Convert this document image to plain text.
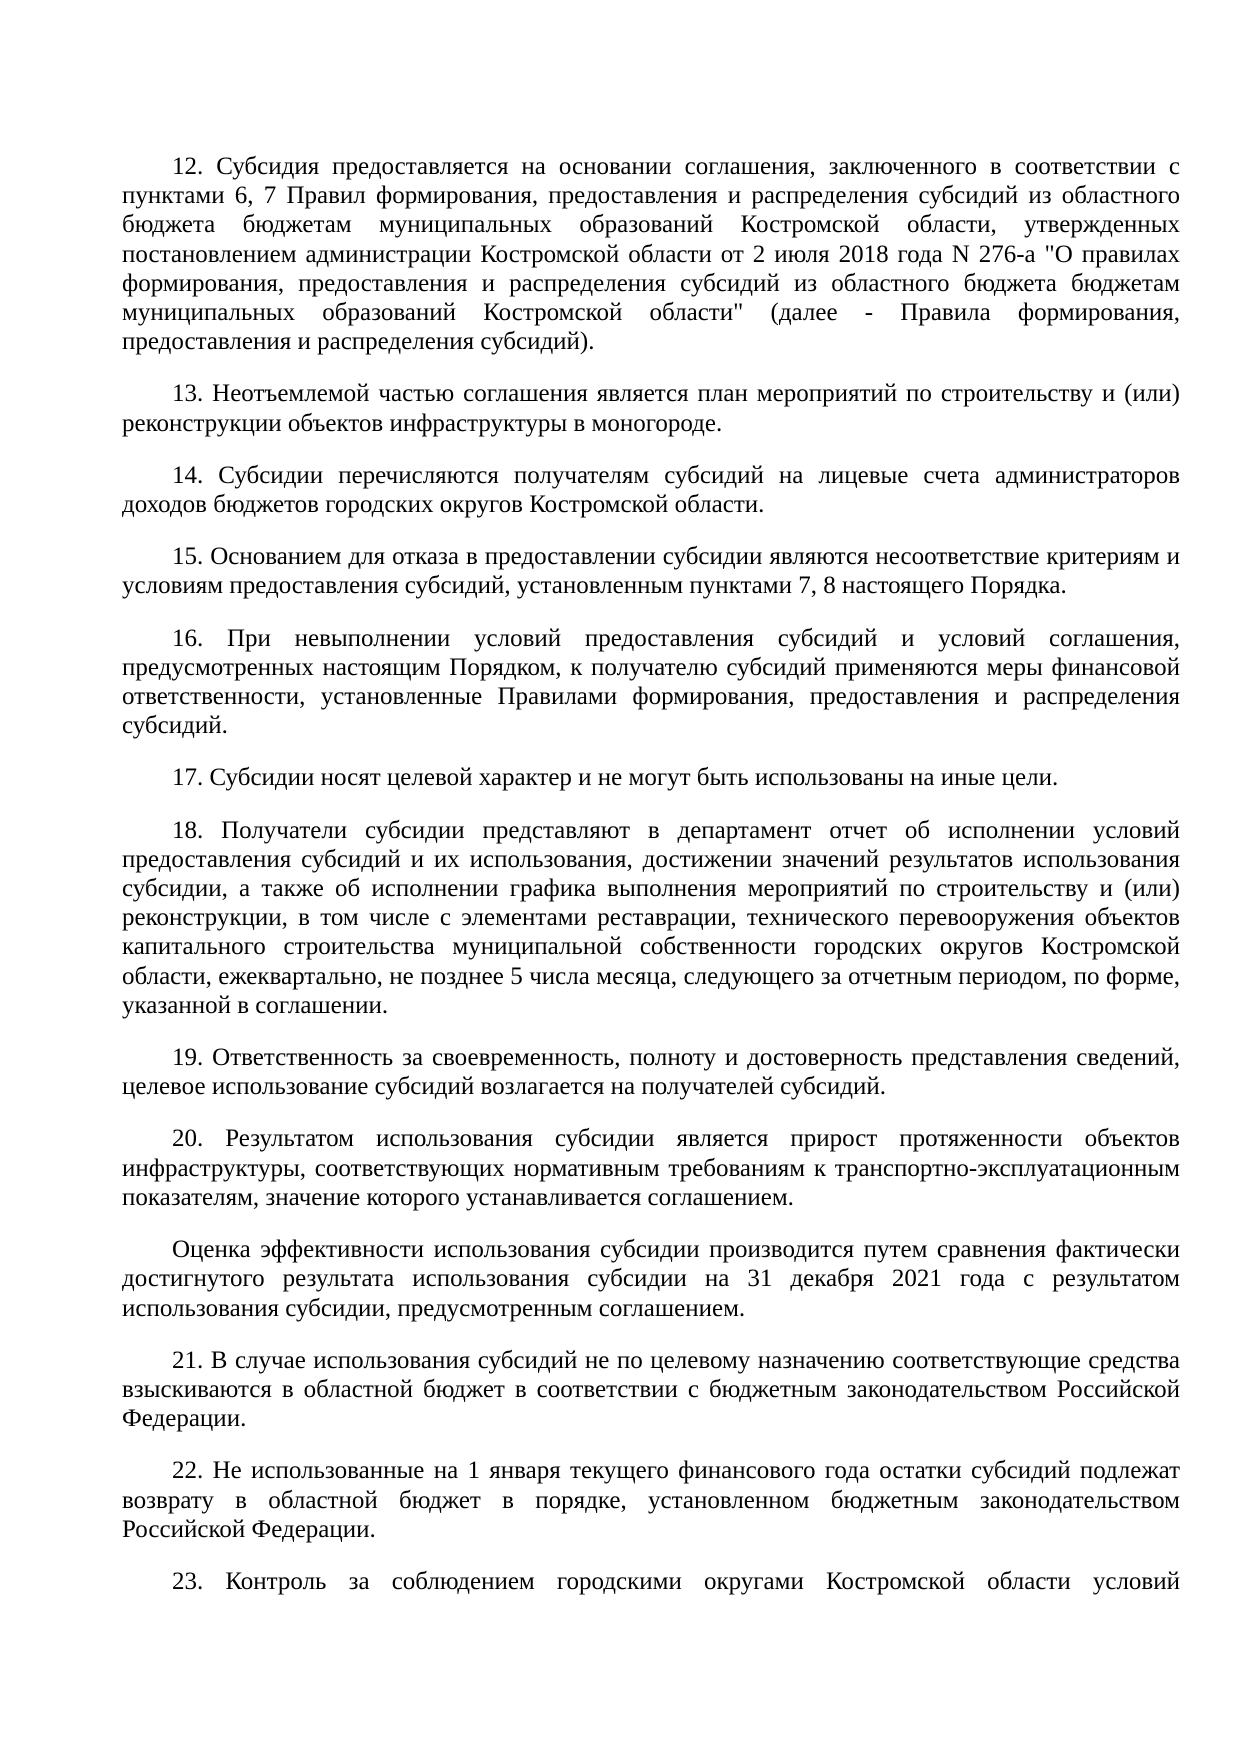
12. Субсидия предоставляется на основании соглашения, заключенного в соответствии с
пунктами 6, 7 Правил формирования, предоставления и распределения субсидий из областного
бюджета бюджетам муниципальных образований Костромской области, утвержденных
постановлением администрации Костромской области от 2 июля 2018 года N 276-а "О правилах
формирования, предоставления и распределения субсидий из областного бюджета бюджетам
муниципальных образований Костромской области" (далее - Правила формирования,
предоставления и распределения субсидий).
13. Неотъемлемой частью соглашения является план мероприятий по строительству и (или)
реконструкции объектов инфраструктуры в моногороде.
14. Субсидии перечисляются получателям субсидий на лицевые счета администраторов
доходов бюджетов городских округов Костромской области.
15. Основанием для отказа в предоставлении субсидии являются несоответствие критериям и
условиям предоставления субсидий, установленным пунктами 7, 8 настоящего Порядка.
16. При невыполнении условий предоставления субсидий и условий соглашения,
предусмотренных настоящим Порядком, к получателю субсидий применяются меры финансовой
ответственности, установленные Правилами формирования, предоставления и распределения
субсидий.
17. Субсидии носят целевой характер и не могут быть использованы на иные цели.
18. Получатели субсидии представляют в департамент отчет об исполнении условий
предоставления субсидий и их использования, достижении значений результатов использования
субсидии, а также об исполнении графика выполнения мероприятий по строительству и (или)
реконструкции, в том числе с элементами реставрации, технического перевооружения объектов
капитального строительства муниципальной собственности городских округов Костромской
области, ежеквартально, не позднее 5 числа месяца, следующего за отчетным периодом, по форме,
указанной в соглашении.
19. Ответственность за своевременность, полноту и достоверность представления сведений,
целевое использование субсидий возлагается на получателей субсидий.
20. Результатом использования субсидии является прирост протяженности объектов
инфраструктуры, соответствующих нормативным требованиям к транспортно-эксплуатационным
показателям, значение которого устанавливается соглашением.
Оценка эффективности использования субсидии производится путем сравнения фактически
достигнутого результата использования субсидии на 31 декабря 2021 года с результатом
использования субсидии, предусмотренным соглашением.
21. В случае использования субсидий не по целевому назначению соответствующие средства
взыскиваются в областной бюджет в соответствии с бюджетным законодательством Российской
Федерации.
22. Не использованные на 1 января текущего финансового года остатки субсидий подлежат
возврату в областной бюджет в порядке, установленном бюджетным законодательством
Российской Федерации.
23. Контроль за соблюдением городскими округами Костромской области условий
